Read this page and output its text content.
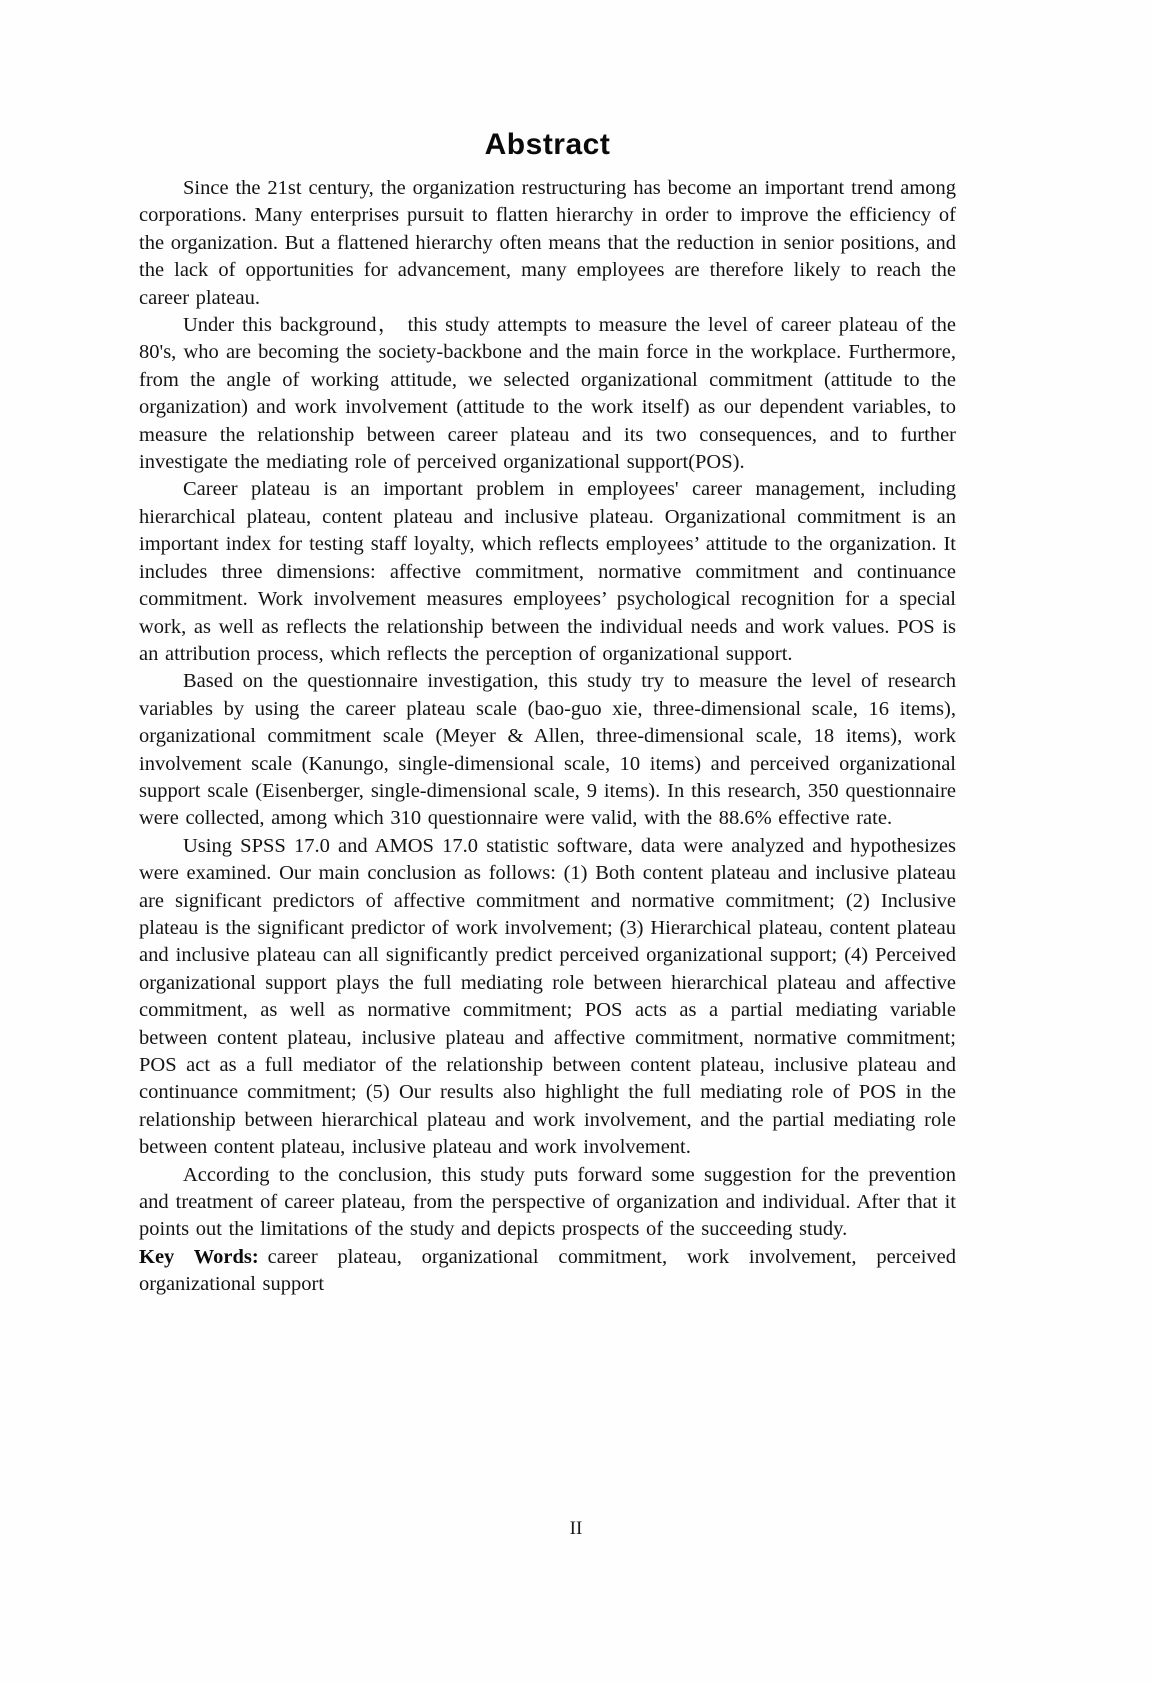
Abstract

Since the 21st century, the organization restructuring has become an important trend among corporations. Many enterprises pursuit to flatten hierarchy in order to improve the efficiency of the organization. But a flattened hierarchy often means that the reduction in senior positions, and the lack of opportunities for advancement, many employees are therefore likely to reach the career plateau.

Under this background， this study attempts to measure the level of career plateau of the 80's, who are becoming the society-backbone and the main force in the workplace. Furthermore, from the angle of working attitude, we selected organizational commitment (attitude to the organization) and work involvement (attitude to the work itself) as our dependent variables, to measure the relationship between career plateau and its two consequences, and to further investigate the mediating role of perceived organizational support(POS).

Career plateau is an important problem in employees' career management, including hierarchical plateau, content plateau and inclusive plateau. Organizational commitment is an important index for testing staff loyalty, which reflects employees’ attitude to the organization. It includes three dimensions: affective commitment, normative commitment and continuance commitment. Work involvement measures employees’ psychological recognition for a special work, as well as reflects the relationship between the individual needs and work values. POS is an attribution process, which reflects the perception of organizational support.

Based on the questionnaire investigation, this study try to measure the level of research variables by using the career plateau scale (bao-guo xie, three-dimensional scale, 16 items), organizational commitment scale (Meyer & Allen, three-dimensional scale, 18 items), work involvement scale (Kanungo, single-dimensional scale, 10 items) and perceived organizational support scale (Eisenberger, single-dimensional scale, 9 items). In this research, 350 questionnaire were collected, among which 310 questionnaire were valid, with the 88.6% effective rate.

Using SPSS 17.0 and AMOS 17.0 statistic software, data were analyzed and hypothesizes were examined. Our main conclusion as follows: (1) Both content plateau and inclusive plateau are significant predictors of affective commitment and normative commitment; (2) Inclusive plateau is the significant predictor of work involvement; (3) Hierarchical plateau, content plateau and inclusive plateau can all significantly predict perceived organizational support; (4) Perceived organizational support plays the full mediating role between hierarchical plateau and affective commitment, as well as normative commitment; POS acts as a partial mediating variable between content plateau, inclusive plateau and affective commitment, normative commitment; POS act as a full mediator of the relationship between content plateau, inclusive plateau and continuance commitment; (5) Our results also highlight the full mediating role of POS in the relationship between hierarchical plateau and work involvement, and the partial mediating role between content plateau, inclusive plateau and work involvement.

According to the conclusion, this study puts forward some suggestion for the prevention and treatment of career plateau, from the perspective of organization and individual. After that it points out the limitations of the study and depicts prospects of the succeeding study.

Key Words: career plateau, organizational commitment, work involvement, perceived organizational support

II
